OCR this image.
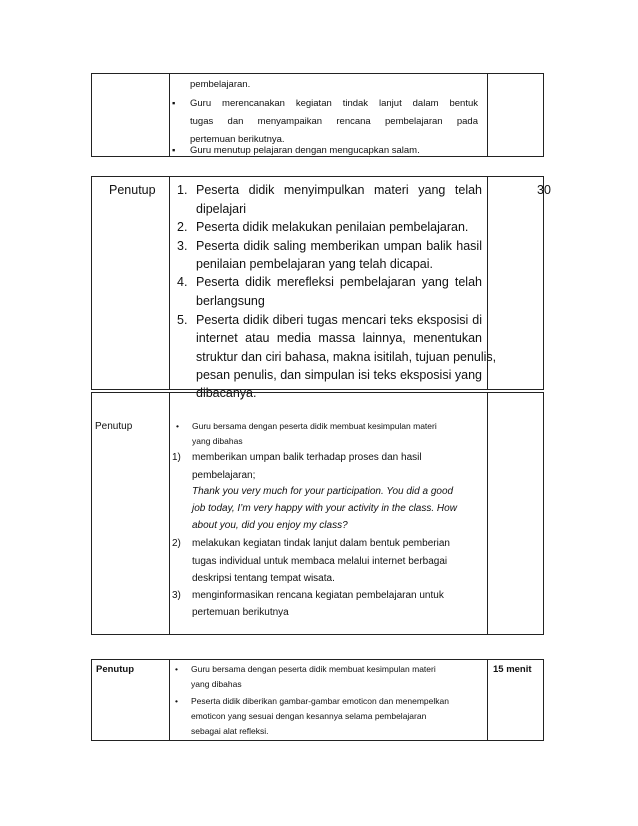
▪ Guru menutup pelajaran dengan mengucapkan salam.
Penutup	30
1. Peserta didik menyimpulkan materi yang telah
dipelajari
2. Peserta didik melakukan penilaian pembelajaran.
3. Peserta didik saling memberikan umpan balik hasil
penilaian pembelajaran yang telah dicapai.
4. Peserta didik merefleksi pembelajaran yang telah
berlangsung
5. Peserta didik diberi tugas mencari teks eksposisi di
internet atau media massa lainnya, menentukan
struktur dan ciri bahasa, makna isitilah, tujuan penulis,
pesan penulis, dan simpulan isi teks eksposisi yang
dibacanya.
Penutup
•	Guru bersama dengan peserta didik membuat kesimpulan materi
yang dibahas
1) memberikan umpan balik terhadap proses dan hasil
pembelajaran;
Thank you very much for your participation. You did a good
job today, I’m very happy with your activity in the class. How
about you, did you enjoy my class?
2) melakukan kegiatan tindak lanjut dalam bentuk pemberian
tugas individual untuk membaca melalui internet berbagai
deskripsi tentang tempat wisata.
3) menginformasikan rencana kegiatan pembelajaran untuk
pertemuan berikutnya
Penutup	15 menit
• Guru bersama dengan peserta didik membuat kesimpulan materi
yang dibahas
• Peserta didik diberikan gambar-gambar emoticon dan menempelkan
emoticon yang sesuai dengan kesannya selama pembelajaran
sebagai alat refleksi.
pembelajaran.
▪ Guru merencanakan kegiatan tindak lanjut dalam bentuk
tugas dan menyampaikan rencana pembelajaran pada
pertemuan berikutnya.
